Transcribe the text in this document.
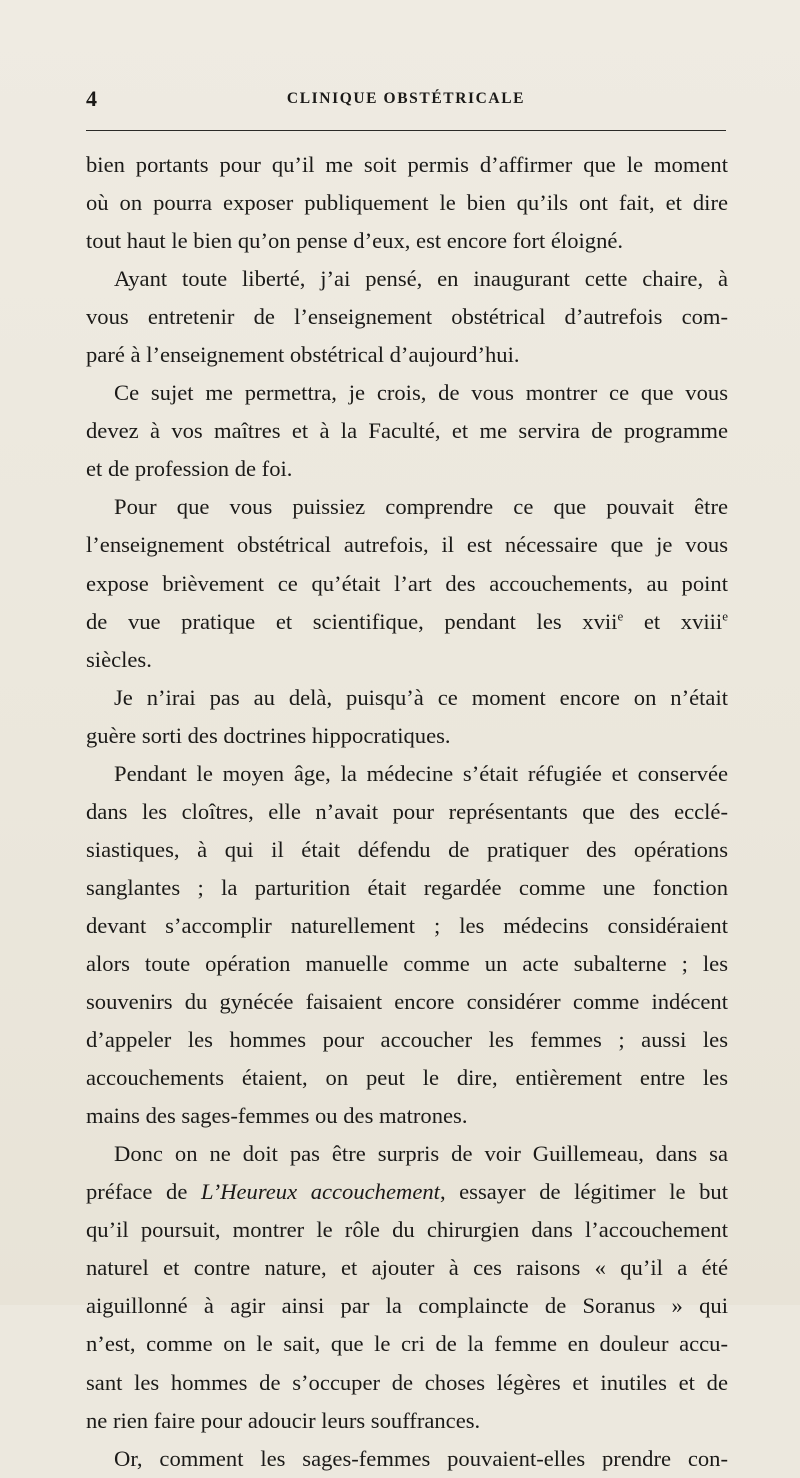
4	CLINIQUE OBSTÉTRICALE
bien portants pour qu’il me soit permis d’affirmer que le moment
où on pourra exposer publiquement le bien qu’ils ont fait, et dire
tout haut le bien qu’on pense d’eux, est encore fort éloigné.
Ayant toute liberté, j’ai pensé, en inaugurant cette chaire, à
vous entretenir de l’enseignement obstétrical d’autrefois com-
paré à l’enseignement obstétrical d’aujourd’hui.
Ce sujet me permettra, je crois, de vous montrer ce que vous
devez à vos maîtres et à la Faculté, et me servira de programme
et de profession de foi.
Pour que vous puissiez comprendre ce que pouvait être
l’enseignement obstétrical autrefois, il est nécessaire que je vous
expose brièvement ce qu’était l’art des accouchements, au point
de vue pratique et scientifique, pendant les xvii$^e$ et xviii$^e$
siècles.
Je n’irai pas au delà, puisqu’à ce moment encore on n’était
guère sorti des doctrines hippocratiques.
Pendant le moyen âge, la médecine s’était réfugiée et conservée
dans les cloîtres, elle n’avait pour représentants que des ecclé-
siastiques, à qui il était défendu de pratiquer des opérations
sanglantes ; la parturition était regardée comme une fonction
devant s’accomplir naturellement ; les médecins considéraient
alors toute opération manuelle comme un acte subalterne ; les
souvenirs du gynécée faisaient encore considérer comme indécent
d’appeler les hommes pour accoucher les femmes ; aussi les
accouchements étaient, on peut le dire, entièrement entre les
mains des sages-femmes ou des matrones.
Donc on ne doit pas être surpris de voir Guillemeau, dans sa
préface de L’Heureux accouchement, essayer de légitimer le but
qu’il poursuit, montrer le rôle du chirurgien dans l’accouchement
naturel et contre nature, et ajouter à ces raisons « qu’il a été
aiguillonné à agir ainsi par la complaincte de Soranus » qui
n’est, comme on le sait, que le cri de la femme en douleur accu-
sant les hommes de s’occuper de choses légères et inutiles et de
ne rien faire pour adoucir leurs souffrances.
Or, comment les sages-femmes pouvaient-elles prendre con-
